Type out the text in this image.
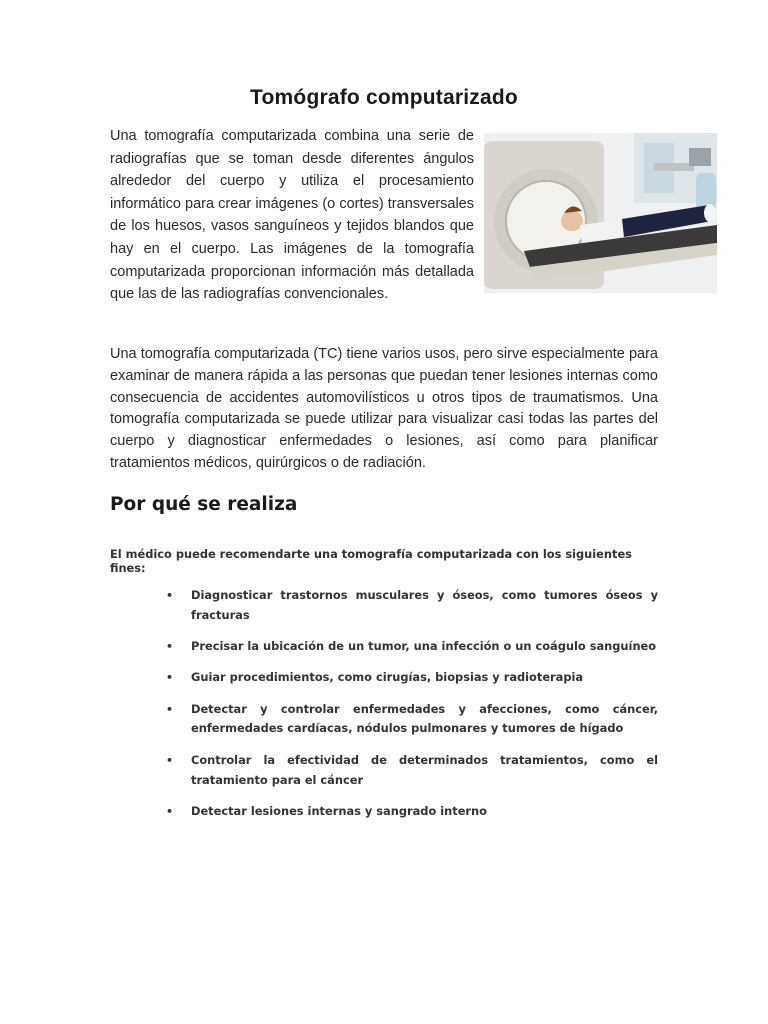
Tomógrafo computarizado
Una tomografía computarizada combina una serie de radiografías que se toman desde diferentes ángulos alrededor del cuerpo y utiliza el procesamiento informático para crear imágenes (o cortes) transversales de los huesos, vasos sanguíneos y tejidos blandos que hay en el cuerpo. Las imágenes de la tomografía computarizada proporcionan información más detallada que las de las radiografías convencionales.

Una tomografía computarizada (TC) tiene varios usos, pero sirve especialmente para examinar de manera rápida a las personas que puedan tener lesiones internas como consecuencia de accidentes automovilísticos u otros tipos de traumatismos. Una tomografía computarizada se puede utilizar para visualizar casi todas las partes del cuerpo y diagnosticar enfermedades o lesiones, así como para planificar tratamientos médicos, quirúrgicos o de radiación.
Por qué se realiza
El médico puede recomendarte una tomografía computarizada con los siguientes fines:
• Diagnosticar trastornos musculares y óseos, como tumores óseos y fracturas
• Precisar la ubicación de un tumor, una infección o un coágulo sanguíneo
• Guiar procedimientos, como cirugías, biopsias y radioterapia
• Detectar y controlar enfermedades y afecciones, como cáncer, enfermedades cardíacas, nódulos pulmonares y tumores de hígado
• Controlar la efectividad de determinados tratamientos, como el tratamiento para el cáncer
• Detectar lesiones internas y sangrado interno
